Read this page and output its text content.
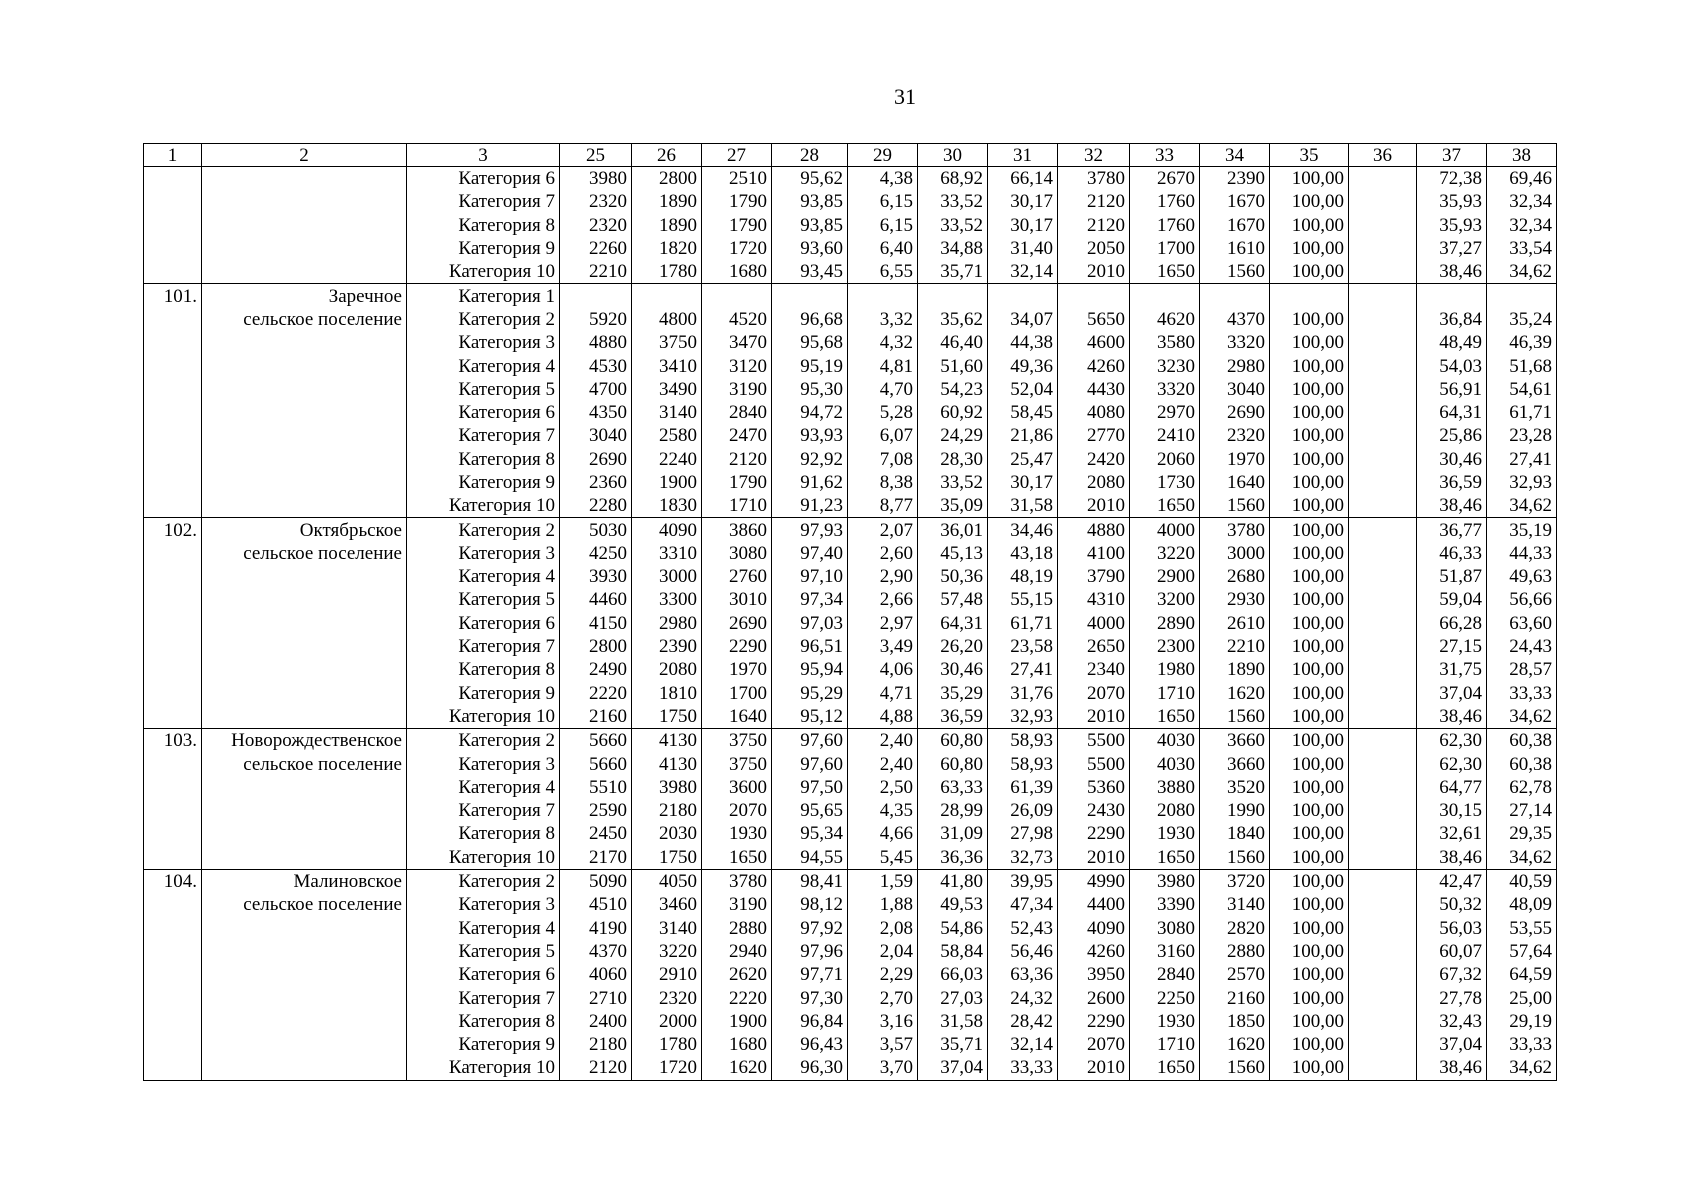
31
1	2	3	25	26	27	28	29	30	31	32	33	34	35	36	37	38
		Категория 6	3980	2800	2510	95,62	4,38	68,92	66,14	3780	2670	2390	100,00		72,38	69,46
		Категория 7	2320	1890	1790	93,85	6,15	33,52	30,17	2120	1760	1670	100,00		35,93	32,34
		Категория 8	2320	1890	1790	93,85	6,15	33,52	30,17	2120	1760	1670	100,00		35,93	32,34
		Категория 9	2260	1820	1720	93,60	6,40	34,88	31,40	2050	1700	1610	100,00		37,27	33,54
		Категория 10	2210	1780	1680	93,45	6,55	35,71	32,14	2010	1650	1560	100,00		38,46	34,62
101.	Заречное	Категория 1														
	сельское поселение	Категория 2	5920	4800	4520	96,68	3,32	35,62	34,07	5650	4620	4370	100,00		36,84	35,24
		Категория 3	4880	3750	3470	95,68	4,32	46,40	44,38	4600	3580	3320	100,00		48,49	46,39
		Категория 4	4530	3410	3120	95,19	4,81	51,60	49,36	4260	3230	2980	100,00		54,03	51,68
		Категория 5	4700	3490	3190	95,30	4,70	54,23	52,04	4430	3320	3040	100,00		56,91	54,61
		Категория 6	4350	3140	2840	94,72	5,28	60,92	58,45	4080	2970	2690	100,00		64,31	61,71
		Категория 7	3040	2580	2470	93,93	6,07	24,29	21,86	2770	2410	2320	100,00		25,86	23,28
		Категория 8	2690	2240	2120	92,92	7,08	28,30	25,47	2420	2060	1970	100,00		30,46	27,41
		Категория 9	2360	1900	1790	91,62	8,38	33,52	30,17	2080	1730	1640	100,00		36,59	32,93
		Категория 10	2280	1830	1710	91,23	8,77	35,09	31,58	2010	1650	1560	100,00		38,46	34,62
102.	Октябрьское	Категория 2	5030	4090	3860	97,93	2,07	36,01	34,46	4880	4000	3780	100,00		36,77	35,19
	сельское поселение	Категория 3	4250	3310	3080	97,40	2,60	45,13	43,18	4100	3220	3000	100,00		46,33	44,33
		Категория 4	3930	3000	2760	97,10	2,90	50,36	48,19	3790	2900	2680	100,00		51,87	49,63
		Категория 5	4460	3300	3010	97,34	2,66	57,48	55,15	4310	3200	2930	100,00		59,04	56,66
		Категория 6	4150	2980	2690	97,03	2,97	64,31	61,71	4000	2890	2610	100,00		66,28	63,60
		Категория 7	2800	2390	2290	96,51	3,49	26,20	23,58	2650	2300	2210	100,00		27,15	24,43
		Категория 8	2490	2080	1970	95,94	4,06	30,46	27,41	2340	1980	1890	100,00		31,75	28,57
		Категория 9	2220	1810	1700	95,29	4,71	35,29	31,76	2070	1710	1620	100,00		37,04	33,33
		Категория 10	2160	1750	1640	95,12	4,88	36,59	32,93	2010	1650	1560	100,00		38,46	34,62
103.	Новорождественское	Категория 2	5660	4130	3750	97,60	2,40	60,80	58,93	5500	4030	3660	100,00		62,30	60,38
	сельское поселение	Категория 3	5660	4130	3750	97,60	2,40	60,80	58,93	5500	4030	3660	100,00		62,30	60,38
		Категория 4	5510	3980	3600	97,50	2,50	63,33	61,39	5360	3880	3520	100,00		64,77	62,78
		Категория 7	2590	2180	2070	95,65	4,35	28,99	26,09	2430	2080	1990	100,00		30,15	27,14
		Категория 8	2450	2030	1930	95,34	4,66	31,09	27,98	2290	1930	1840	100,00		32,61	29,35
		Категория 10	2170	1750	1650	94,55	5,45	36,36	32,73	2010	1650	1560	100,00		38,46	34,62
104.	Малиновское	Категория 2	5090	4050	3780	98,41	1,59	41,80	39,95	4990	3980	3720	100,00		42,47	40,59
	сельское поселение	Категория 3	4510	3460	3190	98,12	1,88	49,53	47,34	4400	3390	3140	100,00		50,32	48,09
		Категория 4	4190	3140	2880	97,92	2,08	54,86	52,43	4090	3080	2820	100,00		56,03	53,55
		Категория 5	4370	3220	2940	97,96	2,04	58,84	56,46	4260	3160	2880	100,00		60,07	57,64
		Категория 6	4060	2910	2620	97,71	2,29	66,03	63,36	3950	2840	2570	100,00		67,32	64,59
		Категория 7	2710	2320	2220	97,30	2,70	27,03	24,32	2600	2250	2160	100,00		27,78	25,00
		Категория 8	2400	2000	1900	96,84	3,16	31,58	28,42	2290	1930	1850	100,00		32,43	29,19
		Категория 9	2180	1780	1680	96,43	3,57	35,71	32,14	2070	1710	1620	100,00		37,04	33,33
		Категория 10	2120	1720	1620	96,30	3,70	37,04	33,33	2010	1650	1560	100,00		38,46	34,62
